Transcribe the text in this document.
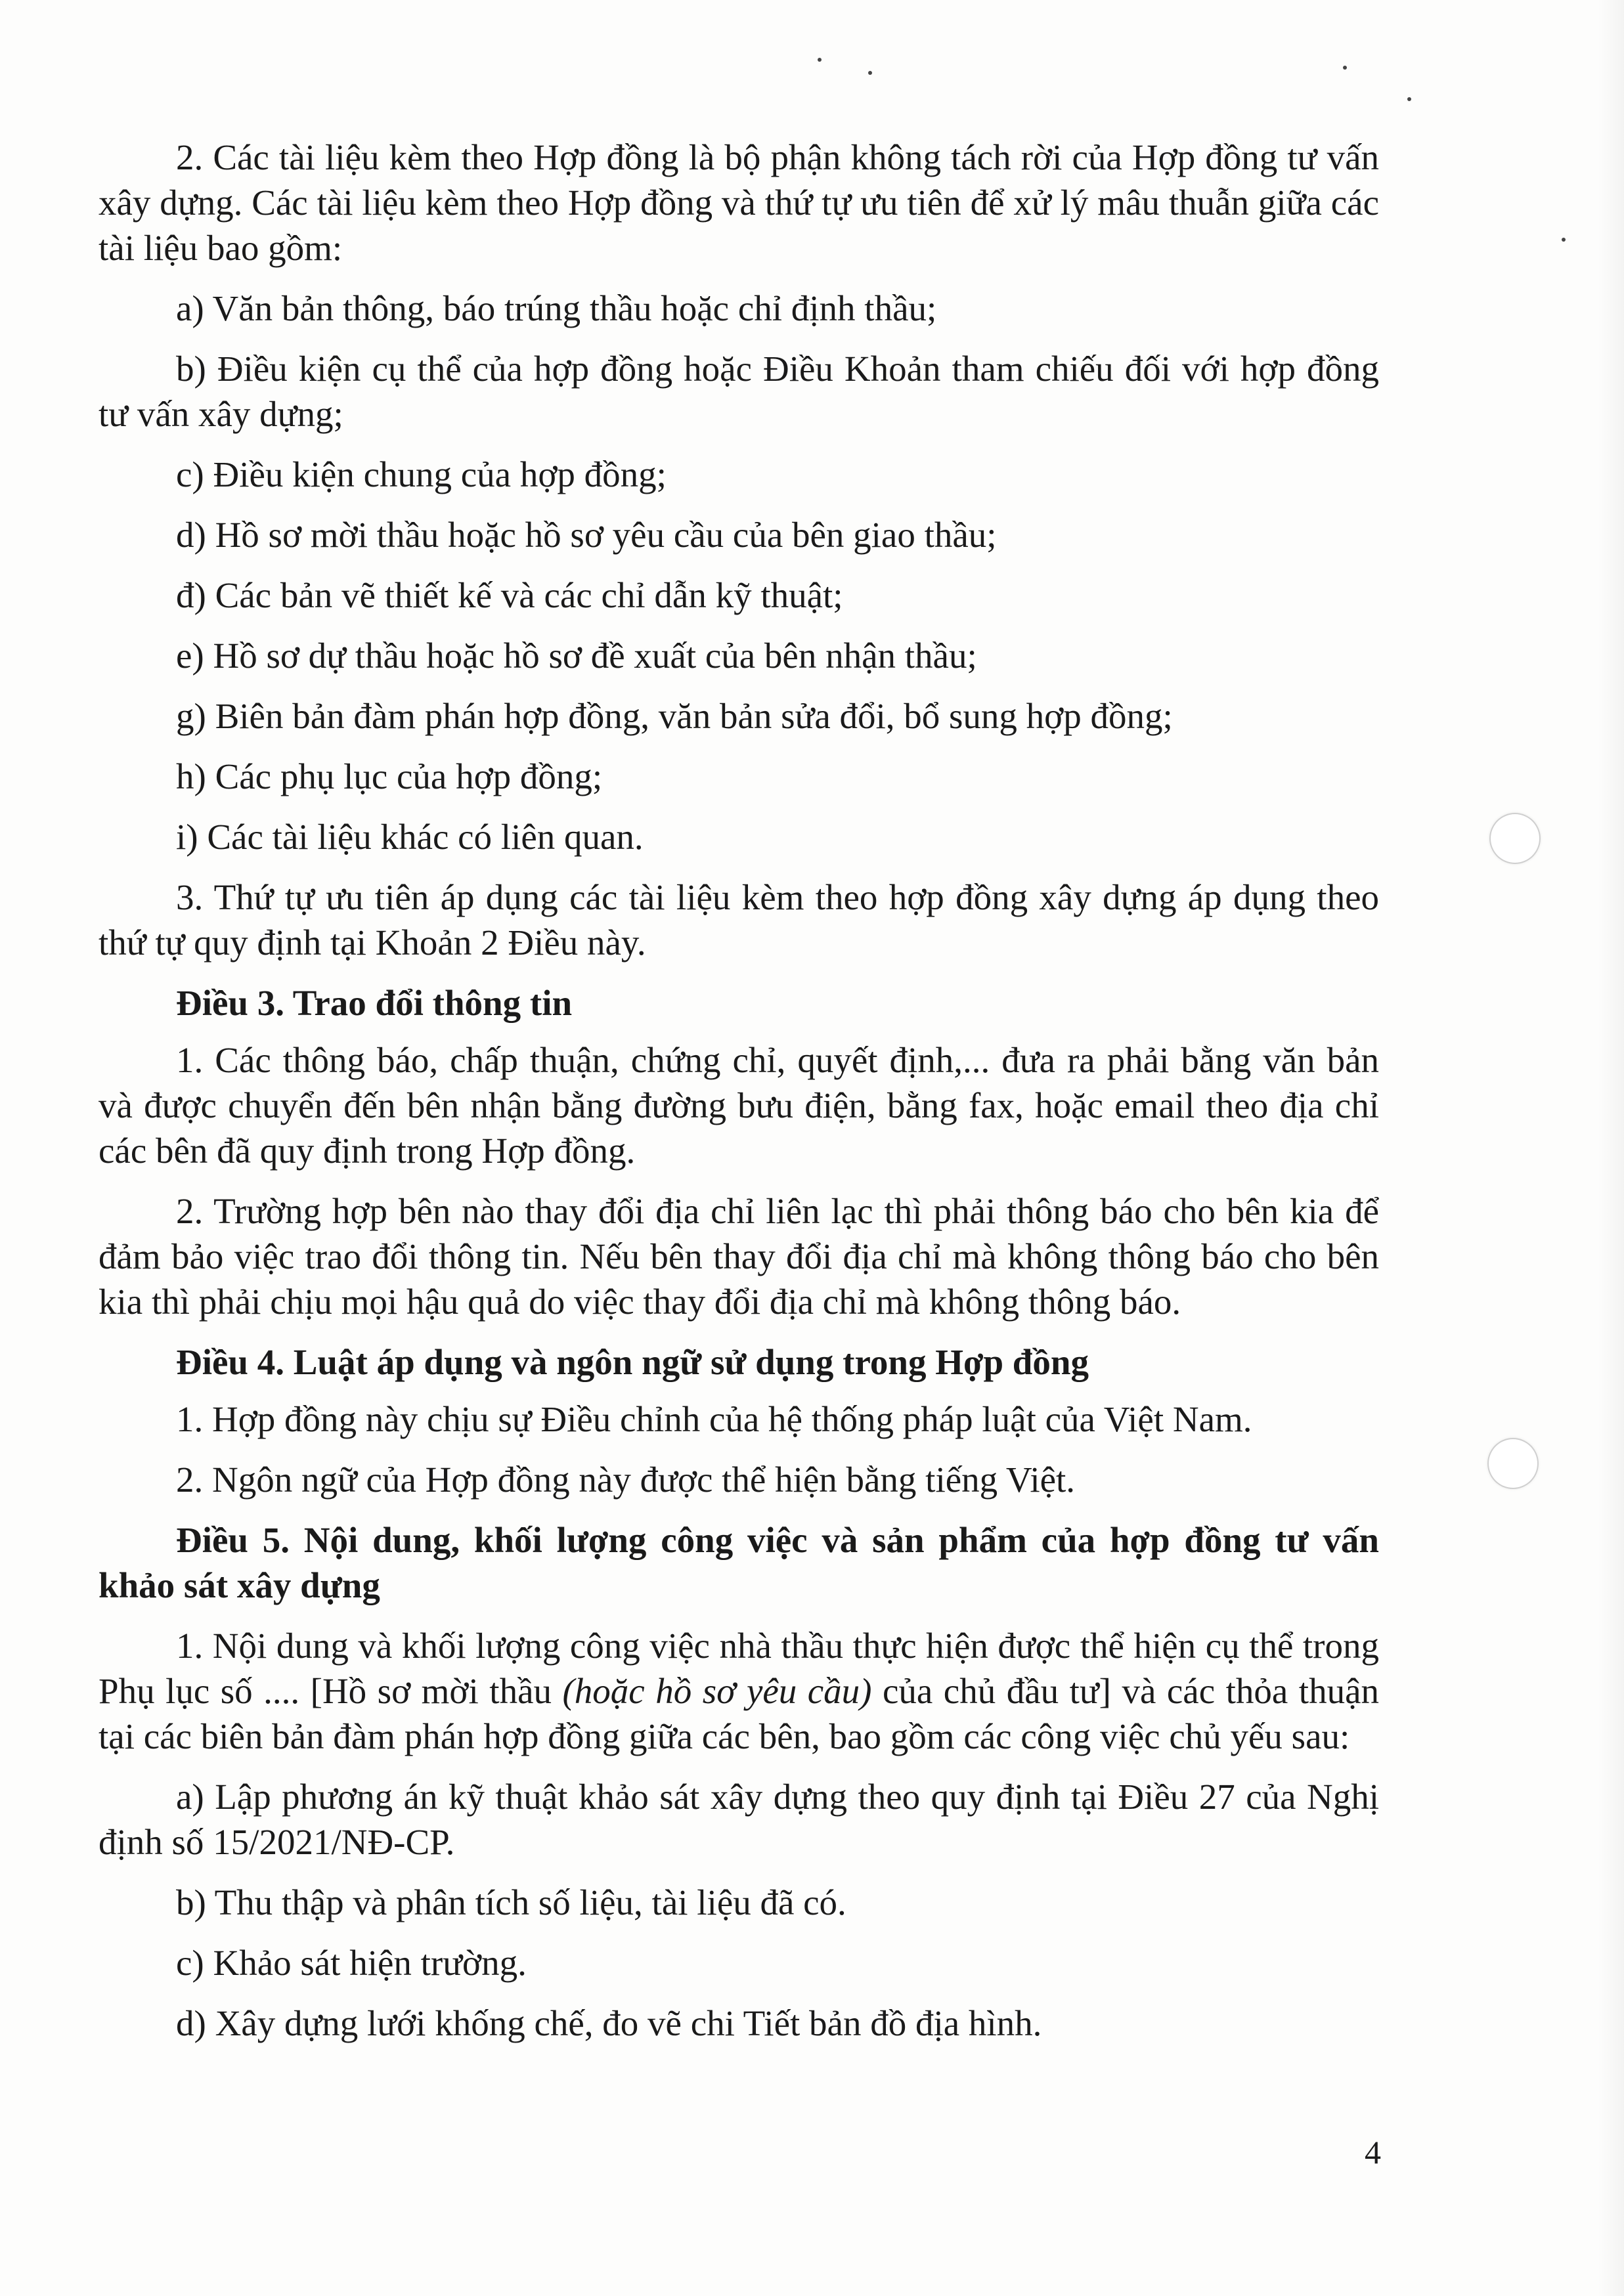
2. Các tài liệu kèm theo Hợp đồng là bộ phận không tách rời của Hợp đồng tư vấn xây dựng. Các tài liệu kèm theo Hợp đồng và thứ tự ưu tiên để xử lý mâu thuẫn giữa các tài liệu bao gồm:

a) Văn bản thông, báo trúng thầu hoặc chỉ định thầu;

b) Điều kiện cụ thể của hợp đồng hoặc Điều Khoản tham chiếu đối với hợp đồng tư vấn xây dựng;

c) Điều kiện chung của hợp đồng;

d) Hồ sơ mời thầu hoặc hồ sơ yêu cầu của bên giao thầu;

đ) Các bản vẽ thiết kế và các chỉ dẫn kỹ thuật;

e) Hồ sơ dự thầu hoặc hồ sơ đề xuất của bên nhận thầu;

g) Biên bản đàm phán hợp đồng, văn bản sửa đổi, bổ sung hợp đồng;

h) Các phụ lục của hợp đồng;

i) Các tài liệu khác có liên quan.

3. Thứ tự ưu tiên áp dụng các tài liệu kèm theo hợp đồng xây dựng áp dụng theo thứ tự quy định tại Khoản 2 Điều này.

Điều 3. Trao đổi thông tin

1. Các thông báo, chấp thuận, chứng chỉ, quyết định,... đưa ra phải bằng văn bản và được chuyển đến bên nhận bằng đường bưu điện, bằng fax, hoặc email theo địa chỉ các bên đã quy định trong Hợp đồng.

2. Trường hợp bên nào thay đổi địa chỉ liên lạc thì phải thông báo cho bên kia để đảm bảo việc trao đổi thông tin. Nếu bên thay đổi địa chỉ mà không thông báo cho bên kia thì phải chịu mọi hậu quả do việc thay đổi địa chỉ mà không thông báo.

Điều 4. Luật áp dụng và ngôn ngữ sử dụng trong Hợp đồng

1. Hợp đồng này chịu sự Điều chỉnh của hệ thống pháp luật của Việt Nam.

2. Ngôn ngữ của Hợp đồng này được thể hiện bằng tiếng Việt.

Điều 5. Nội dung, khối lượng công việc và sản phẩm của hợp đồng tư vấn khảo sát xây dựng

1. Nội dung và khối lượng công việc nhà thầu thực hiện được thể hiện cụ thể trong Phụ lục số .... [Hồ sơ mời thầu (hoặc hồ sơ yêu cầu) của chủ đầu tư] và các thỏa thuận tại các biên bản đàm phán hợp đồng giữa các bên, bao gồm các công việc chủ yếu sau:

a) Lập phương án kỹ thuật khảo sát xây dựng theo quy định tại Điều 27 của Nghị định số 15/2021/NĐ-CP.

b) Thu thập và phân tích số liệu, tài liệu đã có.

c) Khảo sát hiện trường.

d) Xây dựng lưới khống chế, đo vẽ chi Tiết bản đồ địa hình.

4
